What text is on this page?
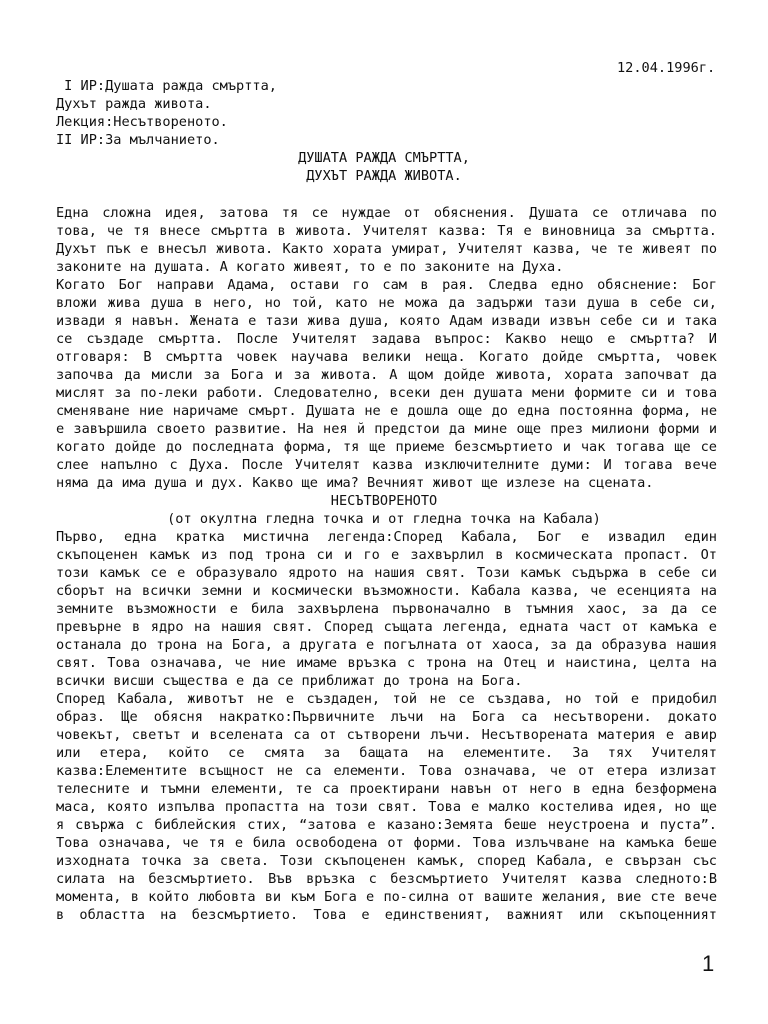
12.04.1996г.
I ИР:Душата ражда смъртта,
Духът ражда живота.
Лекция:Несътвореното.
II ИР:За мълчанието.
ДУШАТА РАЖДА СМЪРТТА,
ДУХЪТ РАЖДА ЖИВОТА.
Една сложна идея, затова тя се нуждае от обяснения. Душата се отличава по
това, че тя внесе смъртта в живота. Учителят казва: Тя е виновница за смъртта.
Духът пък е внесъл живота. Както хората умират, Учителят казва, че те живеят по
законите на душата. А когато живеят, то е по законите на Духа.
Когато Бог направи Адама, остави го сам в рая. Следва едно обяснение: Бог
вложи жива душа в него, но той, като не можа да задържи тази душа в себе си,
извади я навън. Жената е тази жива душа, която Адам извади извън себе си и така
се създаде смъртта. После Учителят задава въпрос: Какво нещо е смъртта? И
отговаря: В смъртта човек научава велики неща. Когато дойде смъртта, човек
започва да мисли за Бога и за живота. А щом дойде живота, хората започват да
мислят за по-леки работи. Следователно, всеки ден душата мени формите си и това
сменяване ние наричаме смърт. Душата не е дошла още до една постоянна форма, не
е завършила своето развитие. На нея й предстои да мине още през милиони форми и
когато дойде до последната форма, тя ще приеме безсмъртието и чак тогава ще се
слее напълно с Духа. После Учителят казва изключителните думи: И тогава вече
няма да има душа и дух. Какво ще има? Вечният живот ще излезе на сцената.
НЕСЪТВОРЕНОТО
(от окултна гледна точка и от гледна точка на Кабала)
Първо, една кратка мистична легенда:Според Кабала, Бог е извадил един
скъпоценен камък из под трона си и го е захвърлил в космическата пропаст. От
този камък се е образувало ядрото на нашия свят. Този камък съдържа в себе си
сборът на всички земни и космически възможности. Кабала казва, че есенцията на
земните възможности е била захвърлена първоначално в тъмния хаос, за да се
превърне в ядро на нашия свят. Според същата легенда, едната част от камъка е
останала до трона на Бога, а другата е погълната от хаоса, за да образува нашия
свят. Това означава, че ние имаме връзка с трона на Отец и наистина, целта на
всички висши същества е да се приближат до трона на Бога.
Според Кабала, животът не е създаден, той не се създава, но той е придобил
образ. Ще обясня накратко:Първичните лъчи на Бога са несътворени. докато
човекът, светът и вселената са от сътворени лъчи. Несътворената материя е авир
или етера, който се смята за бащата на елементите. За тях Учителят
казва:Елементите всъщност не са елементи. Това означава, че от етера излизат
телесните и тъмни елементи, те са проектирани навън от него в една безформена
маса, която изпълва пропастта на този свят. Това е малко костелива идея, но ще
я свържа с библейския стих, “затова е казано:Земята беше неустроена и пуста”.
Това означава, че тя е била освободена от форми. Това излъчване на камъка беше
изходната точка за света. Този скъпоценен камък, според Кабала, е свързан със
силата на безсмъртието. Във връзка с безсмъртието Учителят казва следното:В
момента, в който любовта ви към Бога е по-силна от вашите желания, вие сте вече
в областта на безсмъртието. Това е единственият, важният или скъпоценният
1
